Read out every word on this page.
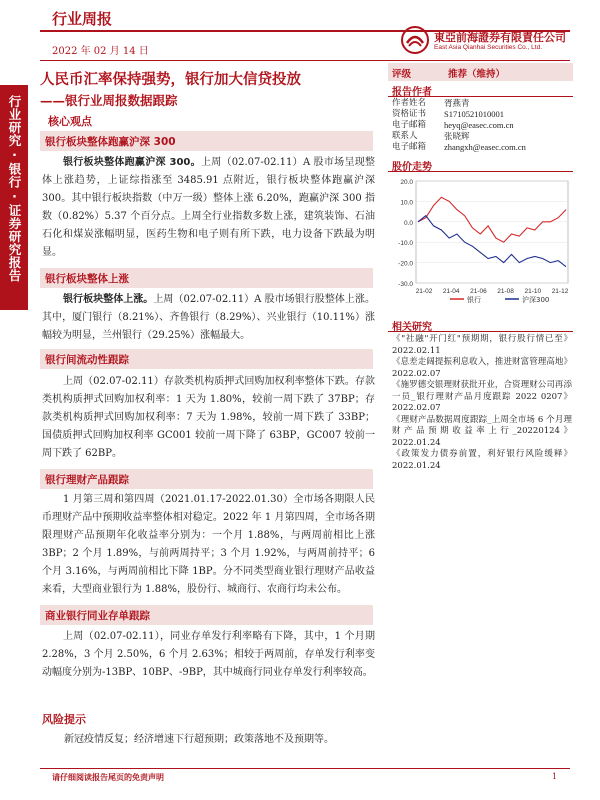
行业周报
2022 年 02 月 14 日
東亞前海證券有限責任公司
East Asia Qianhai Securities Co., Ltd.
行业研究·银行·证券研究报告
人民币汇率保持强势，银行加大信贷投放
——银行业周报数据跟踪
核心观点
银行板块整体跑赢沪深 300
银行板块整体跑赢沪深 300。上周（02.07-02.11）A 股市场呈现整体上涨趋势，上证综指涨至 3485.91 点附近，银行板块整体跑赢沪深 300。其中银行板块指数（中万一级）整体上涨 6.20%，跑赢沪深 300 指数（0.82%）5.37 个百分点。上周全行业指数多数上涨，建筑装饰、石油石化和煤炭涨幅明显，医药生物和电子则有所下跌，电力设备下跌最为明显。
银行板块整体上涨
银行板块整体上涨。上周（02.07-02.11）A 股市场银行股整体上涨。其中，厦门银行（8.21%）、齐鲁银行（8.29%）、兴业银行（10.11%）涨幅较为明显，兰州银行（29.25%）涨幅最大。
银行间流动性跟踪
上周（02.07-02.11）存款类机构质押式回购加权利率整体下跌。存款类机构质押式回购加权利率：1 天为 1.80%，较前一周下跌了 37BP；存款类机构质押式回购加权利率：7 天为 1.98%，较前一周下跌了 33BP；国债质押式回购加权利率 GC001 较前一周下降了 63BP，GC007 较前一周下跌了 62BP。
银行理财产品跟踪
1 月第三周和第四周（2021.01.17-2022.01.30）全市场各期限人民币理财产品中预期收益率整体相对稳定。2022 年 1 月第四周，全市场各期限理财产品预期年化收益率分别为：一个月 1.88%，与两周前相比上涨 3BP；2 个月 1.89%，与前两周持平；3 个月 1.92%，与两周前持平；6 个月 3.16%，与两周前相比下降 1BP。分不同类型商业银行理财产品收益来看，大型商业银行为 1.88%，股份行、城商行、农商行均未公布。
商业银行同业存单跟踪
上周（02.07-02.11），同业存单发行利率略有下降，其中，1 个月期 2.28%，3 个月 2.50%，6 个月 2.63%；相较于两周前，存单发行利率变动幅度分别为-13BP、10BP、-9BP，其中城商行同业存单发行利率较高。
风险提示
新冠疫情反复；经济增速下行超预期；政策落地不及预期等。
评级	推荐（维持）
报告作者
作者姓名	胥燕青
资格证书	S1710521010001
电子邮箱	heyq@easec.com.cn
联系人	张晓辉
电子邮箱	zhangxh@easec.com.cn
股价走势
20.0
10.0
0.0
-10.0
-20.0
-30.0
21-02 21-04 21-06 21-08 21-10 21-12
银行	沪深300
相关研究
《"社融"开门红"预期期，银行股行情已至》 2022.02.11
《息差走阔提振利息收入，推进财富管理高地》 2022.02.07
《施罗德交银理财获批开业，合资理财公司再添一员_银行理财产品月度跟踪 2022 0207》2022.02.07
《理财产品数据周度跟踪_上周全市场 6 个月理财产品预期收益率上行_20220124》2022.01.24
《政策发力债券前置，利好银行风险缓释》2022.01.24
请仔细阅读报告尾页的免责声明	1
